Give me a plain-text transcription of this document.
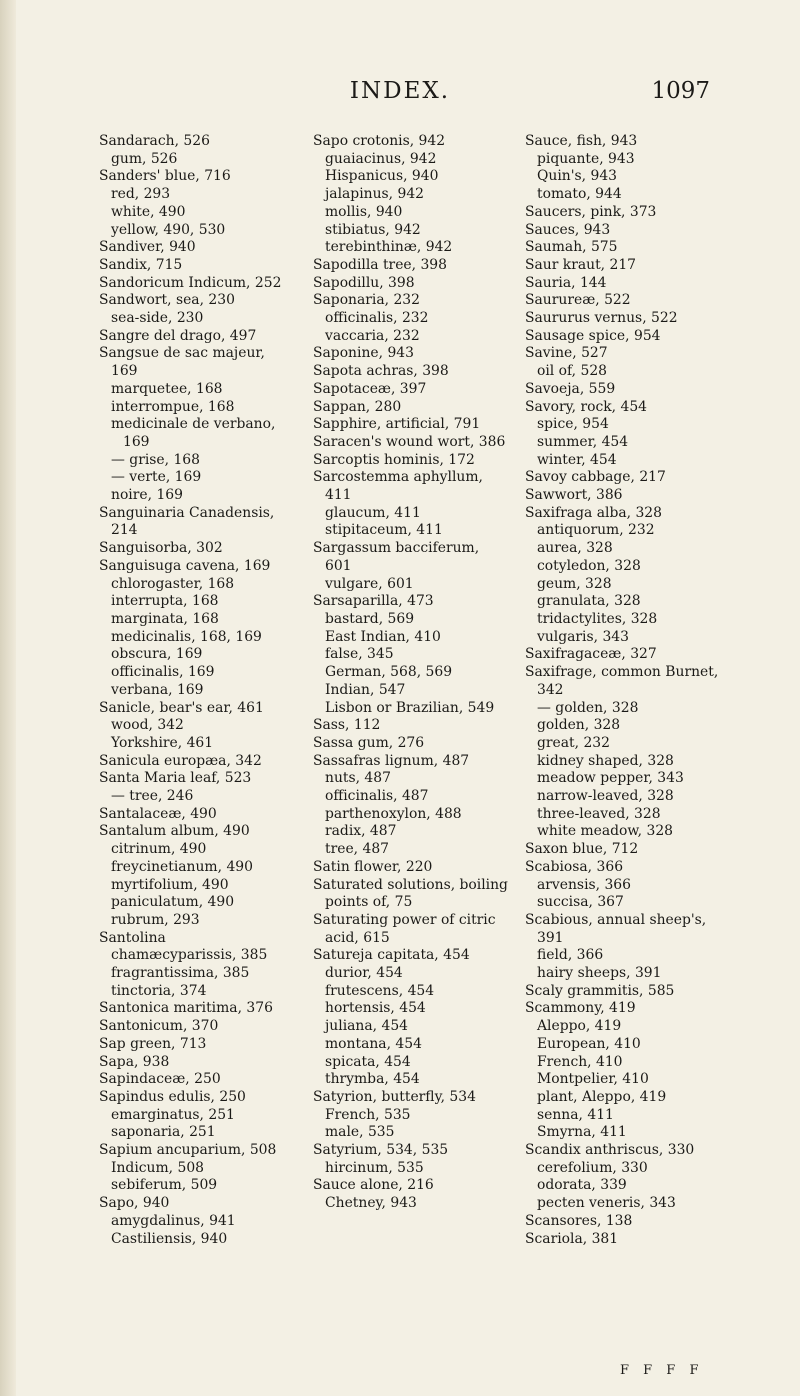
INDEX.	1097
Sandarach, 526
gum, 526
Sanders' blue, 716
red, 293
white, 490
yellow, 490, 530
Sandiver, 940
Sandix, 715
Sandoricum Indicum, 252
Sandwort, sea, 230
sea-side, 230
Sangre del drago, 497
Sangsue de sac majeur, 169
marquetee, 168
interrompue, 168
medicinale de verbano, 169
— grise, 168
— verte, 169
noire, 169
Sanguinaria Canadensis, 214
Sanguisorba, 302
Sanguisuga cavena, 169
chlorogaster, 168
interrupta, 168
marginata, 168
medicinalis, 168, 169
obscura, 169
officinalis, 169
verbana, 169
Sanicle, bear's ear, 461
wood, 342
Yorkshire, 461
Sanicula europæa, 342
Santa Maria leaf, 523
— tree, 246
Santalaceæ, 490
Santalum album, 490
citrinum, 490
freycinetianum, 490
myrtifolium, 490
paniculatum, 490
rubrum, 293
Santolina chamæcyparissis, 385
fragrantissima, 385
tinctoria, 374
Santonica maritima, 376
Santonicum, 370
Sap green, 713
Sapa, 938
Sapindaceæ, 250
Sapindus edulis, 250
emarginatus, 251
saponaria, 251
Sapium ancuparium, 508
Indicum, 508
sebiferum, 509
Sapo, 940
amygdalinus, 941
Castiliensis, 940
Sapo crotonis, 942
guaiacinus, 942
Hispanicus, 940
jalapinus, 942
mollis, 940
stibiatus, 942
terebinthinæ, 942
Sapodilla tree, 398
Sapodillu, 398
Saponaria, 232
officinalis, 232
vaccaria, 232
Saponine, 943
Sapota achras, 398
Sapotaceæ, 397
Sappan, 280
Sapphire, artificial, 791
Saracen's wound wort, 386
Sarcoptis hominis, 172
Sarcostemma aphyllum, 411
glaucum, 411
stipitaceum, 411
Sargassum bacciferum, 601
vulgare, 601
Sarsaparilla, 473
bastard, 569
East Indian, 410
false, 345
German, 568, 569
Indian, 547
Lisbon or Brazilian, 549
Sass, 112
Sassa gum, 276
Sassafras lignum, 487
nuts, 487
officinalis, 487
parthenoxylon, 488
radix, 487
tree, 487
Satin flower, 220
Saturated solutions, boiling points of, 75
Saturating power of citric acid, 615
Satureja capitata, 454
durior, 454
frutescens, 454
hortensis, 454
juliana, 454
montana, 454
spicata, 454
thrymba, 454
Satyrion, butterfly, 534
French, 535
male, 535
Satyrium, 534, 535
hircinum, 535
Sauce alone, 216
Chetney, 943
Sauce, fish, 943
piquante, 943
Quin's, 943
tomato, 944
Saucers, pink, 373
Sauces, 943
Saumah, 575
Saur kraut, 217
Sauria, 144
Saururеæ, 522
Saururus vernus, 522
Sausage spice, 954
Savine, 527
oil of, 528
Savoeja, 559
Savory, rock, 454
spice, 954
summer, 454
winter, 454
Savoy cabbage, 217
Sawwort, 386
Saxifraga alba, 328
antiquorum, 232
aurea, 328
cotyledon, 328
geum, 328
granulata, 328
tridactylites, 328
vulgaris, 343
Saxifragaceæ, 327
Saxifrage, common Burnet, 342
— golden, 328
golden, 328
great, 232
kidney shaped, 328
meadow pepper, 343
narrow-leaved, 328
three-leaved, 328
white meadow, 328
Saxon blue, 712
Scabiosa, 366
arvensis, 366
succisa, 367
Scabious, annual sheep's, 391
field, 366
hairy sheeps, 391
Scaly grammitis, 585
Scammony, 419
Aleppo, 419
European, 410
French, 410
Montpelier, 410
plant, Aleppo, 419
senna, 411
Smyrna, 411
Scandix anthriscus, 330
cerefolium, 330
odorata, 339
pecten veneris, 343
Scansores, 138
Scariola, 381
F F F F
